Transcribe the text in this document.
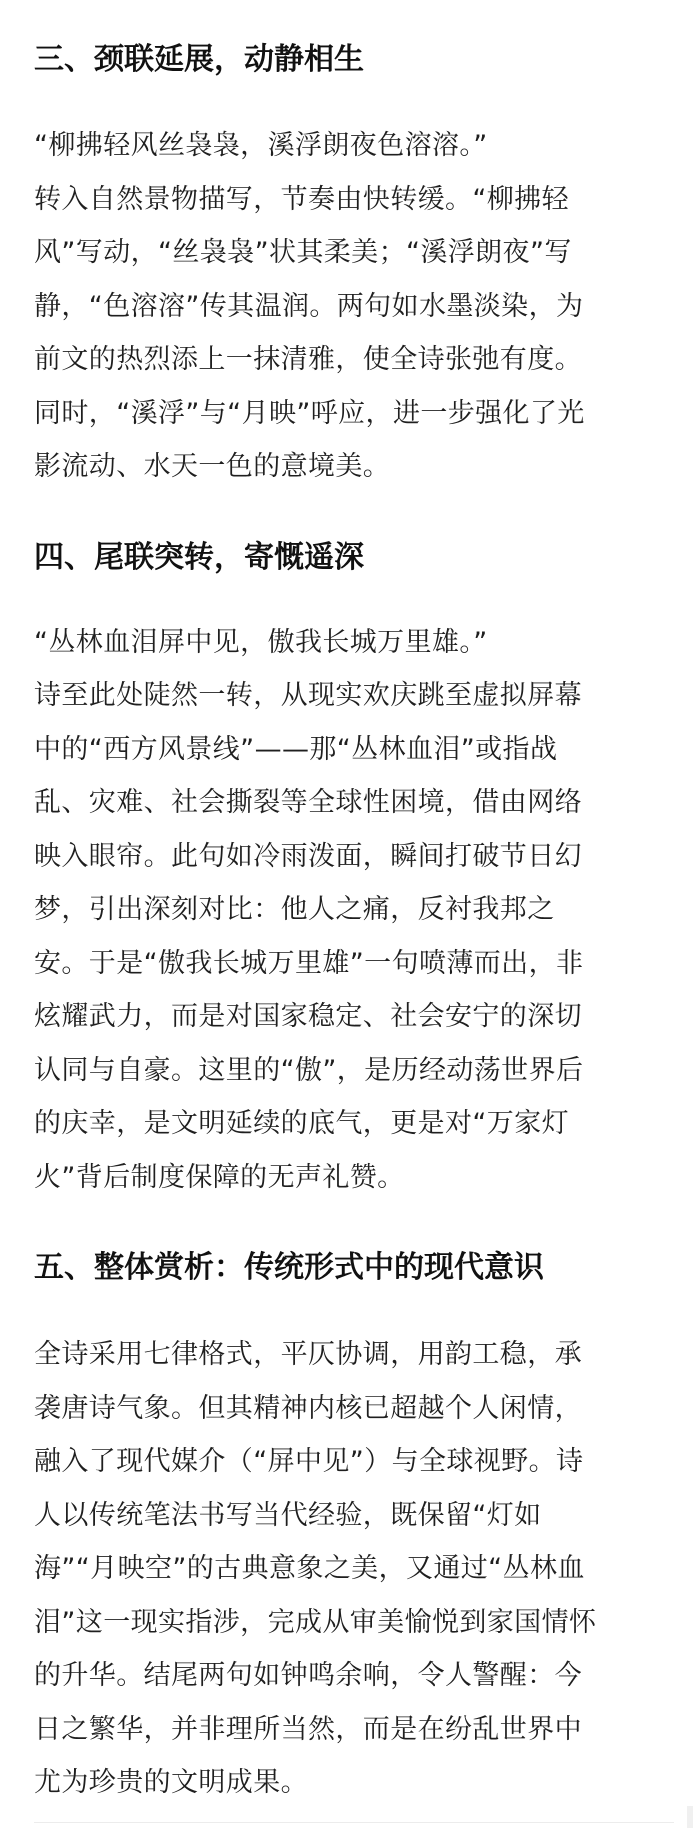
三、颈联延展，动静相生

“柳拂轻风丝袅袅，溪浮朗夜色溶溶。”

转入自然景物描写，节奏由快转缓。“柳拂轻
风”写动，“丝袅袅”状其柔美；“溪浮朗夜”写
静，“色溶溶”传其温润。两句如水墨淡染，为
前文的热烈添上一抹清雅，使全诗张弛有度。
同时，“溪浮”与“月映”呼应，进一步强化了光
影流动、水天一色的意境美。

四、尾联突转，寄慨遥深

“丛林血泪屏中见，傲我长城万里雄。”

诗至此处陡然一转，从现实欢庆跳至虚拟屏幕
中的“西方风景线”——那“丛林血泪”或指战
乱、灾难、社会撕裂等全球性困境，借由网络
映入眼帘。此句如冷雨泼面，瞬间打破节日幻
梦，引出深刻对比：他人之痛，反衬我邦之
安。于是“傲我长城万里雄”一句喷薄而出，非
炫耀武力，而是对国家稳定、社会安宁的深切
认同与自豪。这里的“傲”，是历经动荡世界后
的庆幸，是文明延续的底气，更是对“万家灯
火”背后制度保障的无声礼赞。

五、整体赏析：传统形式中的现代意识

全诗采用七律格式，平仄协调，用韵工稳，承
袭唐诗气象。但其精神内核已超越个人闲情，
融入了现代媒介（“屏中见”）与全球视野。诗
人以传统笔法书写当代经验，既保留“灯如
海”“月映空”的古典意象之美，又通过“丛林血
泪”这一现实指涉，完成从审美愉悦到家国情怀
的升华。结尾两句如钟鸣余响，令人警醒：今
日之繁华，并非理所当然，而是在纷乱世界中
尤为珍贵的文明成果。
